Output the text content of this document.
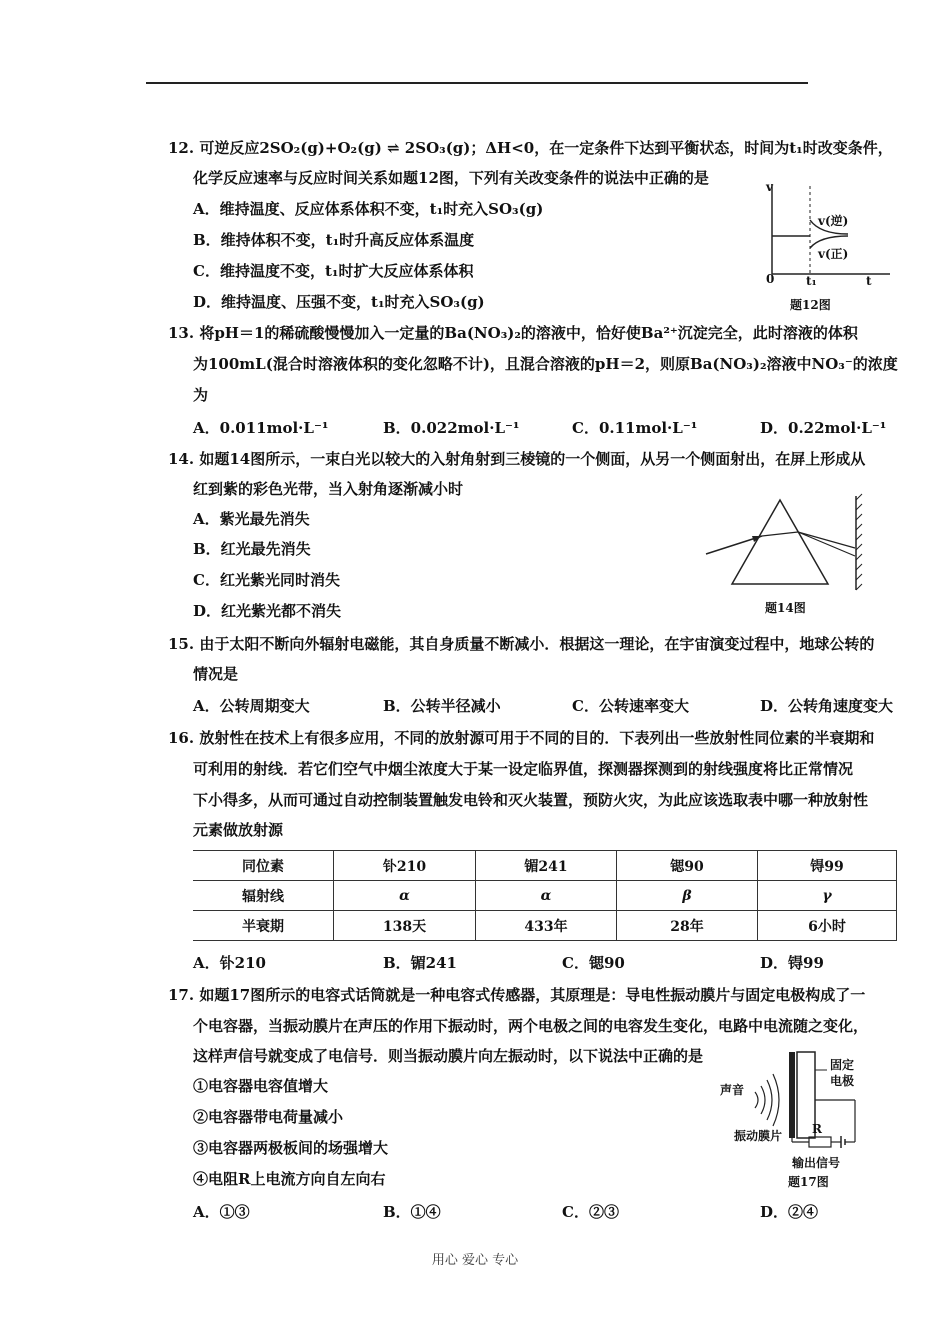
12. 可逆反应2SO₂(g)+O₂(g) ⇌ 2SO₃(g)；ΔH<0，在一定条件下达到平衡状态，时间为t₁时改变条件，
化学反应速率与反应时间关系如题12图，下列有关改变条件的说法中正确的是
A．维持温度、反应体系体积不变，t₁时充入SO₃(g)
B．维持体积不变，t₁时升高反应体系温度
C．维持温度不变，t₁时扩大反应体系体积
D．维持温度、压强不变，t₁时充入SO₃(g)
v
0	t₁	t
v(逆)
v(正)
题12图
13. 将pH＝1的稀硫酸慢慢加入一定量的Ba(NO₃)₂的溶液中，恰好使Ba²⁺沉淀完全，此时溶液的体积
为100mL(混合时溶液体积的变化忽略不计)，且混合溶液的pH＝2，则原Ba(NO₃)₂溶液中NO₃⁻的浓度
为
A．0.011mol·L⁻¹	B．0.022mol·L⁻¹	C．0.11mol·L⁻¹	D．0.22mol·L⁻¹
14. 如题14图所示，一束白光以较大的入射角射到三棱镜的一个侧面，从另一个侧面射出，在屏上形成从
红到紫的彩色光带，当入射角逐渐减小时
A．紫光最先消失
B．红光最先消失
C．红光紫光同时消失
D．红光紫光都不消失	题14图
15. 由于太阳不断向外辐射电磁能，其自身质量不断减小．根据这一理论，在宇宙演变过程中，地球公转的
情况是
A．公转周期变大	B．公转半径减小	C．公转速率变大	D．公转角速度变大
16. 放射性在技术上有很多应用，不同的放射源可用于不同的目的．下表列出一些放射性同位素的半衰期和
可利用的射线．若它们空气中烟尘浓度大于某一设定临界值，探测器探测到的射线强度将比正常情况
下小得多，从而可通过自动控制装置触发电铃和灭火装置，预防火灾，为此应该选取表中哪一种放射性
元素做放射源
同位素	钋210	镅241	锶90	锝99
辐射线	α	α	β	γ
半衰期	138天	433年	28年	6小时
A．钋210	B．镅241	C．锶90	D．锝99
17. 如题17图所示的电容式话筒就是一种电容式传感器，其原理是：导电性振动膜片与固定电极构成了一
个电容器，当振动膜片在声压的作用下振动时，两个电极之间的电容发生变化，电路中电流随之变化，
这样声信号就变成了电信号．则当振动膜片向左振动时，以下说法中正确的是
①电容器电容值增大
②电容器带电荷量减小
③电容器两极板间的场强增大
④电阻R上电流方向自左向右
A．①③	B．①④	C．②③	D．②④
声音
固定
电极
振动膜片 R
输出信号
题17图
用心 爱心 专心
